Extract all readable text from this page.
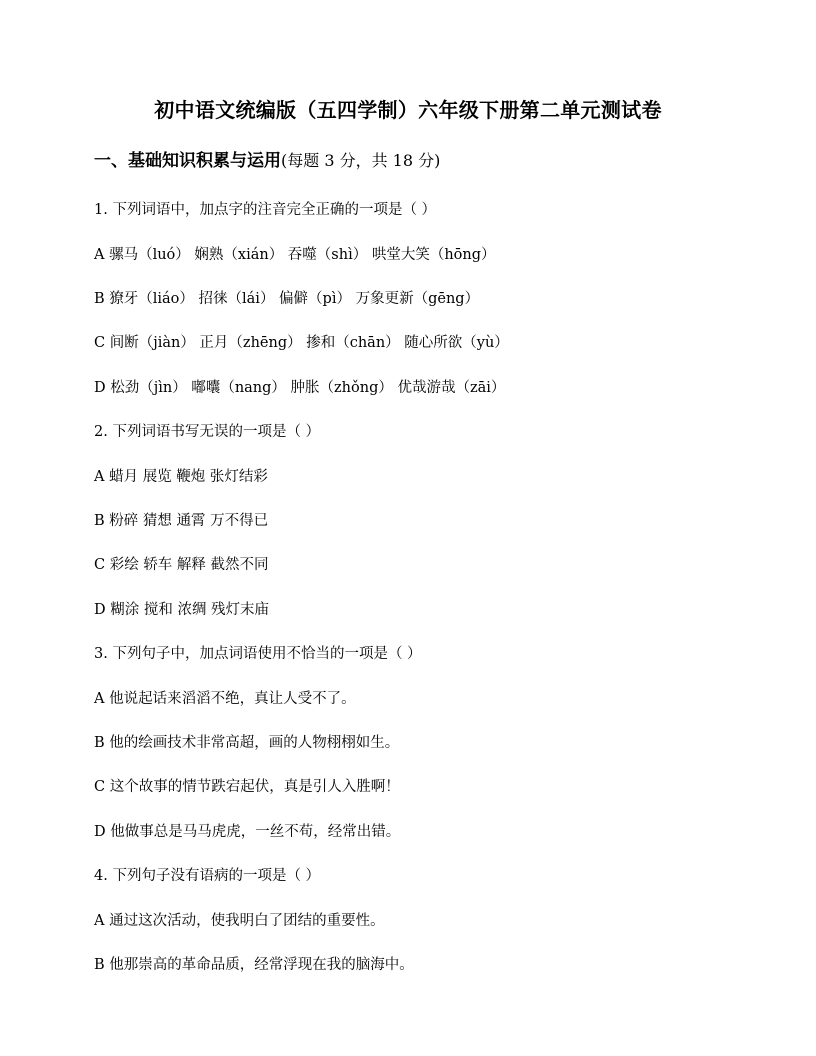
初中语文统编版（五四学制）六年级下册第二单元测试卷
一、基础知识积累与运用(每题 3 分，共 18 分)
1. 下列词语中，加点字的注音完全正确的一项是（ ）
A 骡马（luó） 娴熟（xián） 吞噬（shì） 哄堂大笑（hōng）
B 獠牙（liáo） 招徕（lái） 偏僻（pì） 万象更新（gēng）
C 间断（jiàn） 正月（zhēng） 掺和（chān） 随心所欲（yù）
D 松劲（jìn） 嘟囔（nang） 肿胀（zhǒng） 优哉游哉（zāi）
2. 下列词语书写无误的一项是（ ）
A 蜡月 展览 鞭炮 张灯结彩
B 粉碎 猜想 通霄 万不得已
C 彩绘 轿车 解释 截然不同
D 糊涂 搅和 浓绸 残灯末庙
3. 下列句子中，加点词语使用不恰当的一项是（ ）
A 他说起话来滔滔不绝，真让人受不了。
B 他的绘画技术非常高超，画的人物栩栩如生。
C 这个故事的情节跌宕起伏，真是引人入胜啊！
D 他做事总是马马虎虎，一丝不苟，经常出错。
4. 下列句子没有语病的一项是（ ）
A 通过这次活动，使我明白了团结的重要性。
B 他那崇高的革命品质，经常浮现在我的脑海中。
